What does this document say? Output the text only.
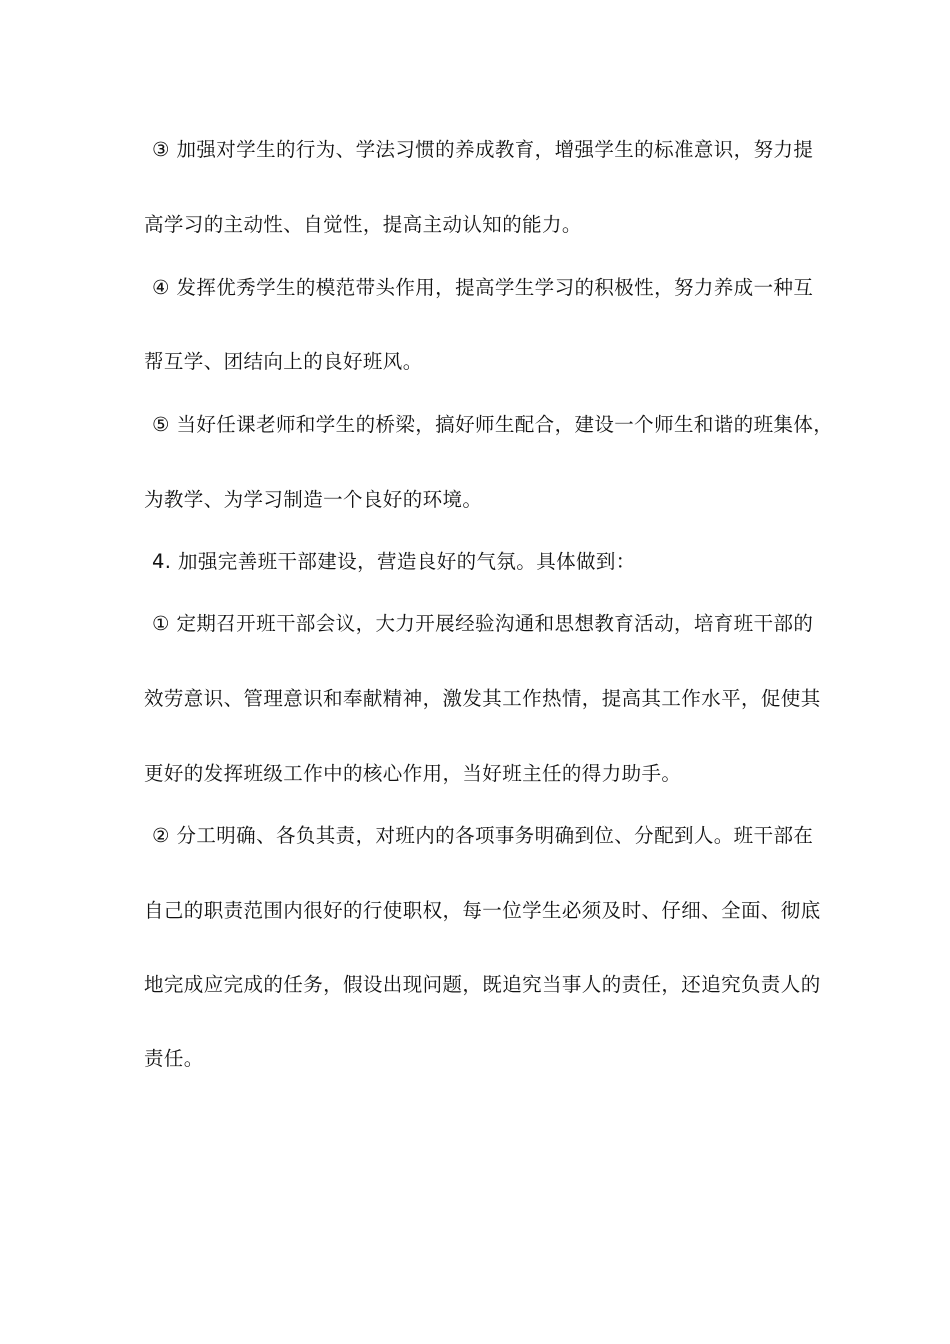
③ 加强对学生的行为、学法习惯的养成教育，增强学生的标准意识，努力提
高学习的主动性、自觉性，提高主动认知的能力。
④ 发挥优秀学生的模范带头作用，提高学生学习的积极性，努力养成一种互
帮互学、团结向上的良好班风。
⑤ 当好任课老师和学生的桥梁，搞好师生配合，建设一个师生和谐的班集体，
为教学、为学习制造一个良好的环境。
4. 加强完善班干部建设，营造良好的气氛。具体做到：
① 定期召开班干部会议，大力开展经验沟通和思想教育活动，培育班干部的
效劳意识、管理意识和奉献精神，激发其工作热情，提高其工作水平，促使其
更好的发挥班级工作中的核心作用，当好班主任的得力助手。
② 分工明确、各负其责，对班内的各项事务明确到位、分配到人。班干部在
自己的职责范围内很好的行使职权，每一位学生必须及时、仔细、全面、彻底
地完成应完成的任务，假设出现问题，既追究当事人的责任，还追究负责人的
责任。
